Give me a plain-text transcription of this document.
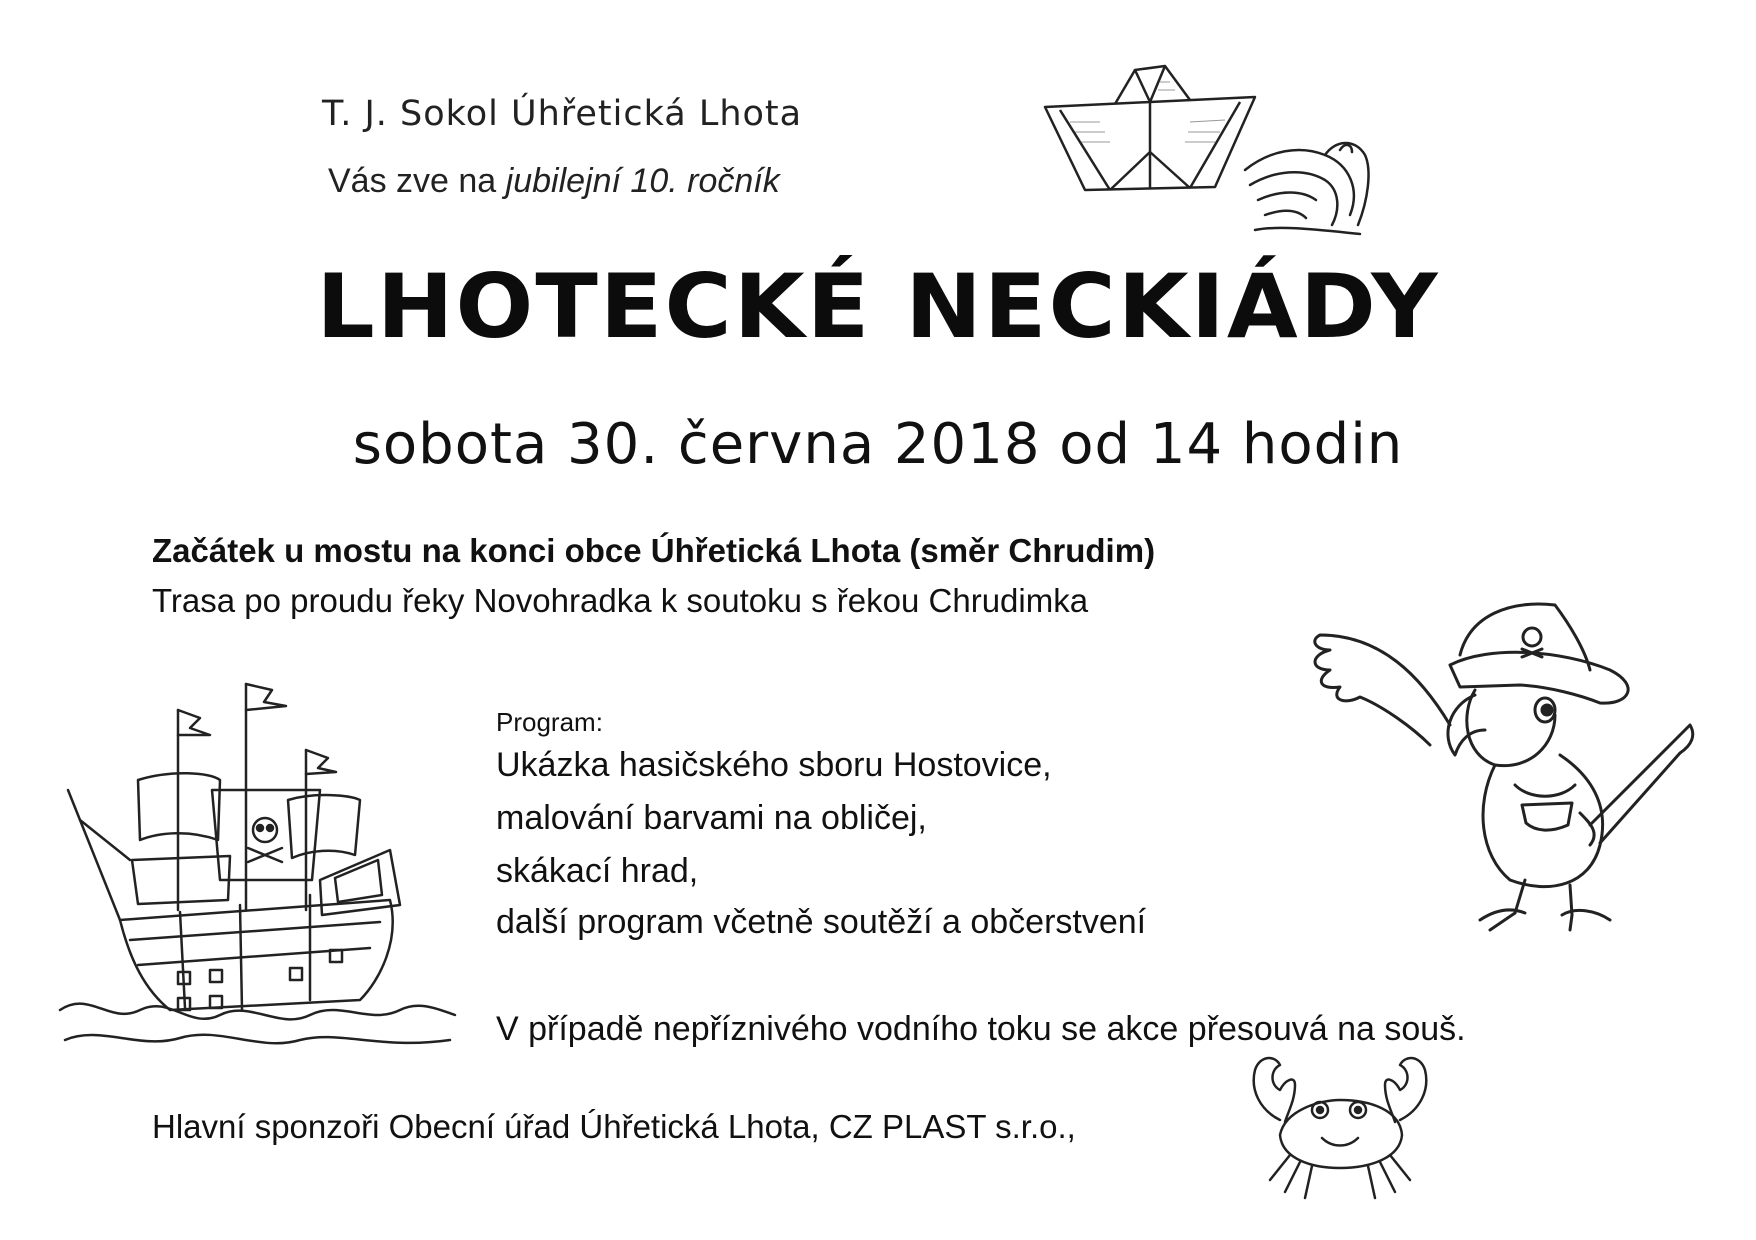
T. J. Sokol Úhřetická Lhota
Vás zve na jubilejní 10. ročník
LHOTECKÉ NECKIÁDY
sobota 30. června 2018 od 14 hodin
Začátek u mostu na konci obce Úhřetická Lhota (směr Chrudim)
Trasa po proudu řeky Novohradka k soutoku s řekou Chrudimka
Program:
Ukázka hasičského sboru Hostovice,
malování barvami na obličej,
skákací hrad,
další program včetně soutěží a občerstvení
V případě nepříznivého vodního toku se akce přesouvá na souš.
Hlavní sponzoři Obecní úřad Úhřetická Lhota, CZ PLAST s.r.o.,
